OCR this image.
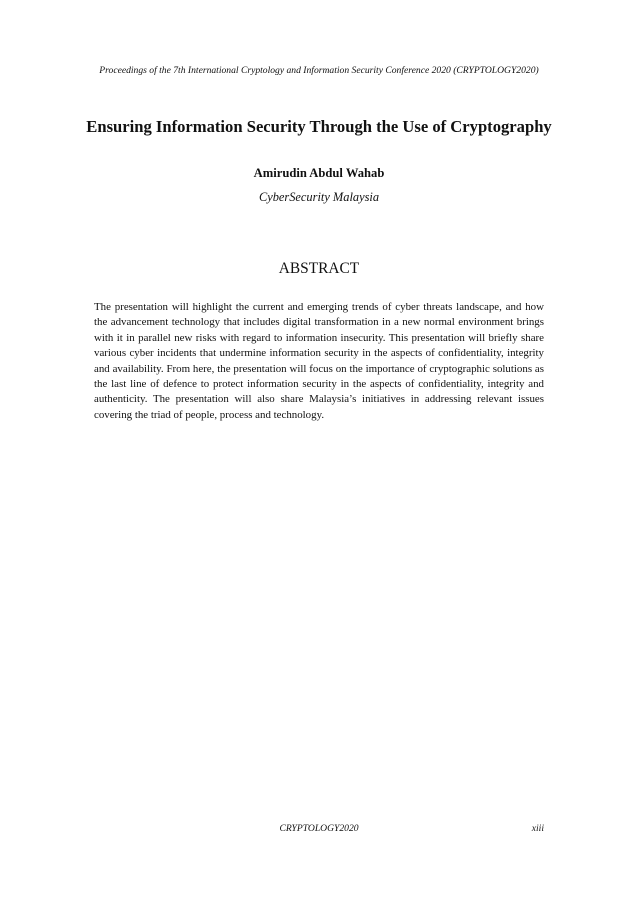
Proceedings of the 7th International Cryptology and Information Security Conference 2020 (CRYPTOLOGY2020)
Ensuring Information Security Through the Use of Cryptography
Amirudin Abdul Wahab
CyberSecurity Malaysia
ABSTRACT

The presentation will highlight the current and emerging trends of cyber threats landscape, and how the advancement technology that includes digital transformation in a new normal environment brings with it in parallel new risks with regard to information insecurity. This presentation will briefly share various cyber incidents that undermine information security in the aspects of confidentiality, integrity and availability. From here, the presentation will focus on the importance of cryptographic solutions as the last line of defence to protect information security in the aspects of confidentiality, integrity and authenticity. The presentation will also share Malaysia’s initiatives in addressing relevant issues covering the triad of people, process and technology.

CRYPTOLOGY2020	xiii
